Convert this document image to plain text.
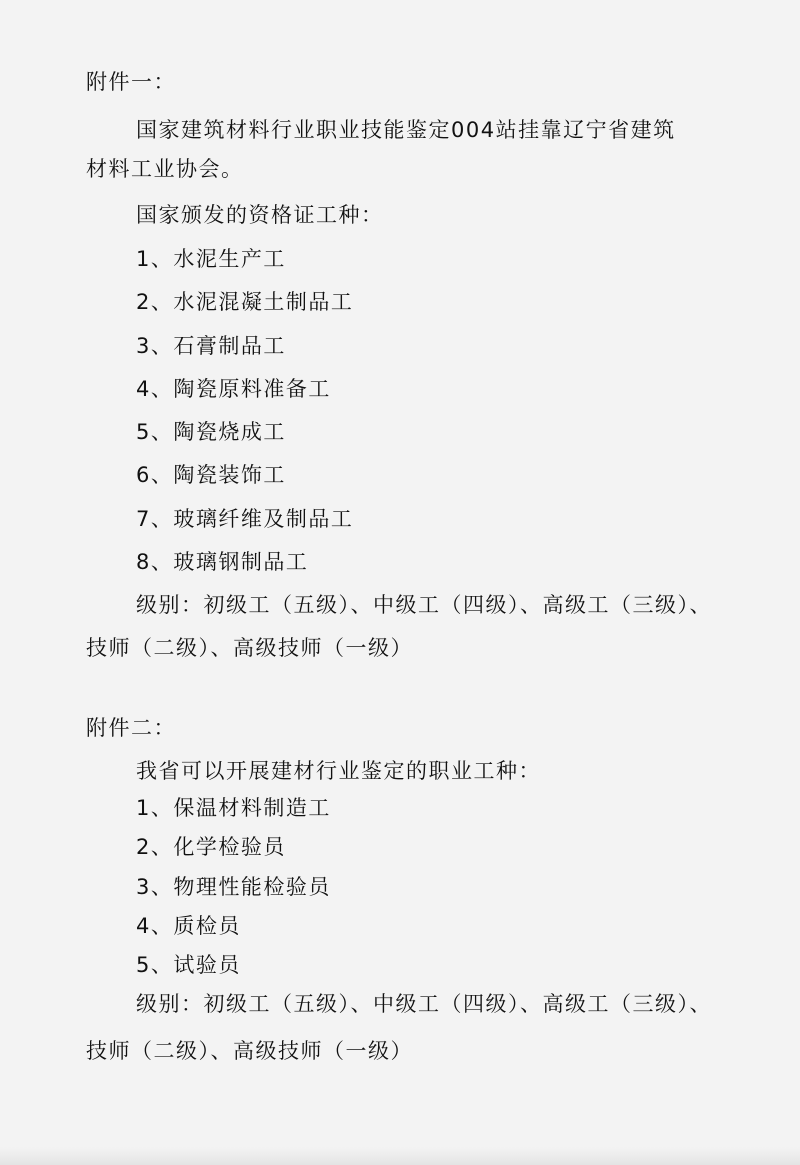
附件一：
国家建筑材料行业职业技能鉴定004站挂靠辽宁省建筑
材料工业协会。
国家颁发的资格证工种：
1、水泥生产工
2、水泥混凝土制品工
3、石膏制品工
4、陶瓷原料准备工
5、陶瓷烧成工
6、陶瓷装饰工
7、玻璃纤维及制品工
8、玻璃钢制品工
级别：初级工（五级）、中级工（四级）、高级工（三级）、
技师（二级）、高级技师（一级）
附件二：
我省可以开展建材行业鉴定的职业工种：
1、保温材料制造工
2、化学检验员
3、物理性能检验员
4、质检员
5、试验员
级别：初级工（五级）、中级工（四级）、高级工（三级）、
技师（二级）、高级技师（一级）
